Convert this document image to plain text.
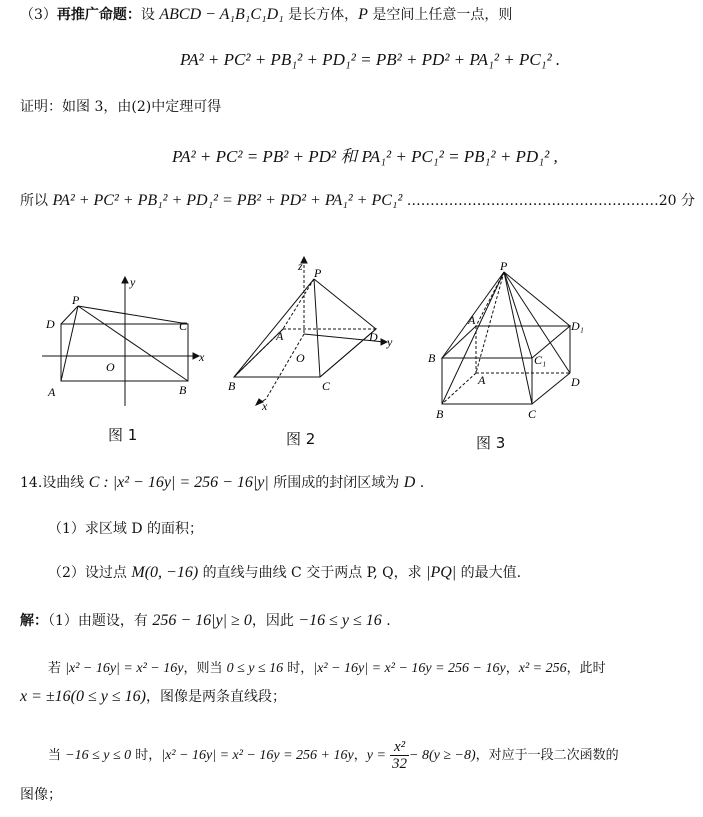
（3）再推广命题：设 ABCD − A₁B₁C₁D₁ 是长方体，P 是空间上任意一点，则
PA² + PC² + PB₁² + PD₁² = PB² + PD² + PA₁² + PC₁² .
证明：如图 3，由(2)中定理可得
PA² + PC² = PB² + PD² 和 PA₁² + PC₁² = PB₁² + PD₁² ,
所以 PA² + PC² + PB₁² + PD₁² = PB² + PD² + PA₁² + PC₁² ………………………………………………20 分
P
D	C
A	B
O
x
y
图 1
P
z
A	D y
B
O
C
x
图 2
P
A	D₁
B	C₁
A	D
B	C
图 3
14.设曲线 C : |x² − 16y| = 256 − 16|y| 所围成的封闭区域为 D .
（1）求区域 D 的面积；
（2）设过点 M(0, −16) 的直线与曲线 C 交于两点 P, Q，求 |PQ| 的最大值.
解：（1）由题设，有 256 − 16|y| ≥ 0，因此 −16 ≤ y ≤ 16 .
若 |x² − 16y| = x² − 16y，则当 0 ≤ y ≤ 16 时，|x² − 16y| = x² − 16y = 256 − 16y，x² = 256，此时
x = ±16(0 ≤ y ≤ 16)，图像是两条直线段；
当 −16 ≤ y ≤ 0 时，|x² − 16y| = x² − 16y = 256 + 16y，$y = \frac{\text{x²}}{32} - 8(y \ge -8)$，对应于一段二次函数的
图像；
